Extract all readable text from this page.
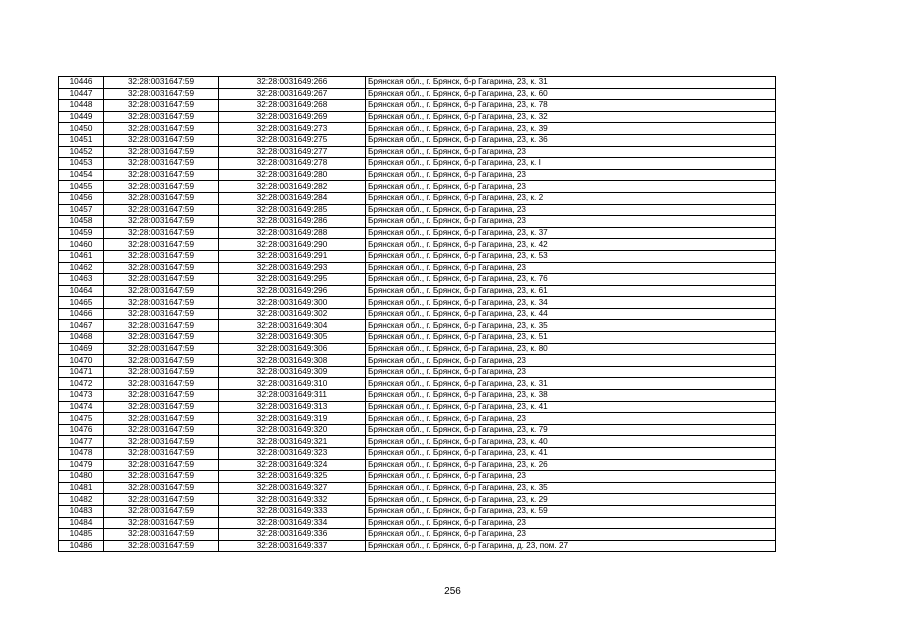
10446	32:28:0031647:59	32:28:0031649:266	Брянская обл., г. Брянск, б-р Гагарина, 23, к. 31
10447	32:28:0031647:59	32:28:0031649:267	Брянская обл., г. Брянск, б-р Гагарина, 23, к. 60
10448	32:28:0031647:59	32:28:0031649:268	Брянская обл., г. Брянск, б-р Гагарина, 23, к. 78
10449	32:28:0031647:59	32:28:0031649:269	Брянская обл., г. Брянск, б-р Гагарина, 23, к. 32
10450	32:28:0031647:59	32:28:0031649:273	Брянская обл., г. Брянск, б-р Гагарина, 23, к. 39
10451	32:28:0031647:59	32:28:0031649:275	Брянская обл., г. Брянск, б-р Гагарина, 23, к. 36
10452	32:28:0031647:59	32:28:0031649:277	Брянская обл., г. Брянск, б-р Гагарина, 23
10453	32:28:0031647:59	32:28:0031649:278	Брянская обл., г. Брянск, б-р Гагарина, 23, к. I
10454	32:28:0031647:59	32:28:0031649:280	Брянская обл., г. Брянск, б-р Гагарина, 23
10455	32:28:0031647:59	32:28:0031649:282	Брянская обл., г. Брянск, б-р Гагарина, 23
10456	32:28:0031647:59	32:28:0031649:284	Брянская обл., г. Брянск, б-р Гагарина, 23, к. 2
10457	32:28:0031647:59	32:28:0031649:285	Брянская обл., г. Брянск, б-р Гагарина, 23
10458	32:28:0031647:59	32:28:0031649:286	Брянская обл., г. Брянск, б-р Гагарина, 23
10459	32:28:0031647:59	32:28:0031649:288	Брянская обл., г. Брянск, б-р Гагарина, 23, к. 37
10460	32:28:0031647:59	32:28:0031649:290	Брянская обл., г. Брянск, б-р Гагарина, 23, к. 42
10461	32:28:0031647:59	32:28:0031649:291	Брянская обл., г. Брянск, б-р Гагарина, 23, к. 53
10462	32:28:0031647:59	32:28:0031649:293	Брянская обл., г. Брянск, б-р Гагарина, 23
10463	32:28:0031647:59	32:28:0031649:295	Брянская обл., г. Брянск, б-р Гагарина, 23, к. 76
10464	32:28:0031647:59	32:28:0031649:296	Брянская обл., г. Брянск, б-р Гагарина, 23, к. 61
10465	32:28:0031647:59	32:28:0031649:300	Брянская обл., г. Брянск, б-р Гагарина, 23, к. 34
10466	32:28:0031647:59	32:28:0031649:302	Брянская обл., г. Брянск, б-р Гагарина, 23, к. 44
10467	32:28:0031647:59	32:28:0031649:304	Брянская обл., г. Брянск, б-р Гагарина, 23, к. 35
10468	32:28:0031647:59	32:28:0031649:305	Брянская обл., г. Брянск, б-р Гагарина, 23, к. 51
10469	32:28:0031647:59	32:28:0031649:306	Брянская обл., г. Брянск, б-р Гагарина, 23, к. 80
10470	32:28:0031647:59	32:28:0031649:308	Брянская обл., г. Брянск, б-р Гагарина, 23
10471	32:28:0031647:59	32:28:0031649:309	Брянская обл., г. Брянск, б-р Гагарина, 23
10472	32:28:0031647:59	32:28:0031649:310	Брянская обл., г. Брянск, б-р Гагарина, 23, к. 31
10473	32:28:0031647:59	32:28:0031649:311	Брянская обл., г. Брянск, б-р Гагарина, 23, к. 38
10474	32:28:0031647:59	32:28:0031649:313	Брянская обл., г. Брянск, б-р Гагарина, 23, к. 41
10475	32:28:0031647:59	32:28:0031649:319	Брянская обл., г. Брянск, б-р Гагарина, 23
10476	32:28:0031647:59	32:28:0031649:320	Брянская обл., г. Брянск, б-р Гагарина, 23, к. 79
10477	32:28:0031647:59	32:28:0031649:321	Брянская обл., г. Брянск, б-р Гагарина, 23, к. 40
10478	32:28:0031647:59	32:28:0031649:323	Брянская обл., г. Брянск, б-р Гагарина, 23, к. 41
10479	32:28:0031647:59	32:28:0031649:324	Брянская обл., г. Брянск, б-р Гагарина, 23, к. 26
10480	32:28:0031647:59	32:28:0031649:325	Брянская обл., г. Брянск, б-р Гагарина, 23
10481	32:28:0031647:59	32:28:0031649:327	Брянская обл., г. Брянск, б-р Гагарина, 23, к. 35
10482	32:28:0031647:59	32:28:0031649:332	Брянская обл., г. Брянск, б-р Гагарина, 23, к. 29
10483	32:28:0031647:59	32:28:0031649:333	Брянская обл., г. Брянск, б-р Гагарина, 23, к. 59
10484	32:28:0031647:59	32:28:0031649:334	Брянская обл., г. Брянск, б-р Гагарина, 23
10485	32:28:0031647:59	32:28:0031649:336	Брянская обл., г. Брянск, б-р Гагарина, 23
10486	32:28:0031647:59	32:28:0031649:337	Брянская обл., г. Брянск, б-р Гагарина, д. 23, пом. 27
256
